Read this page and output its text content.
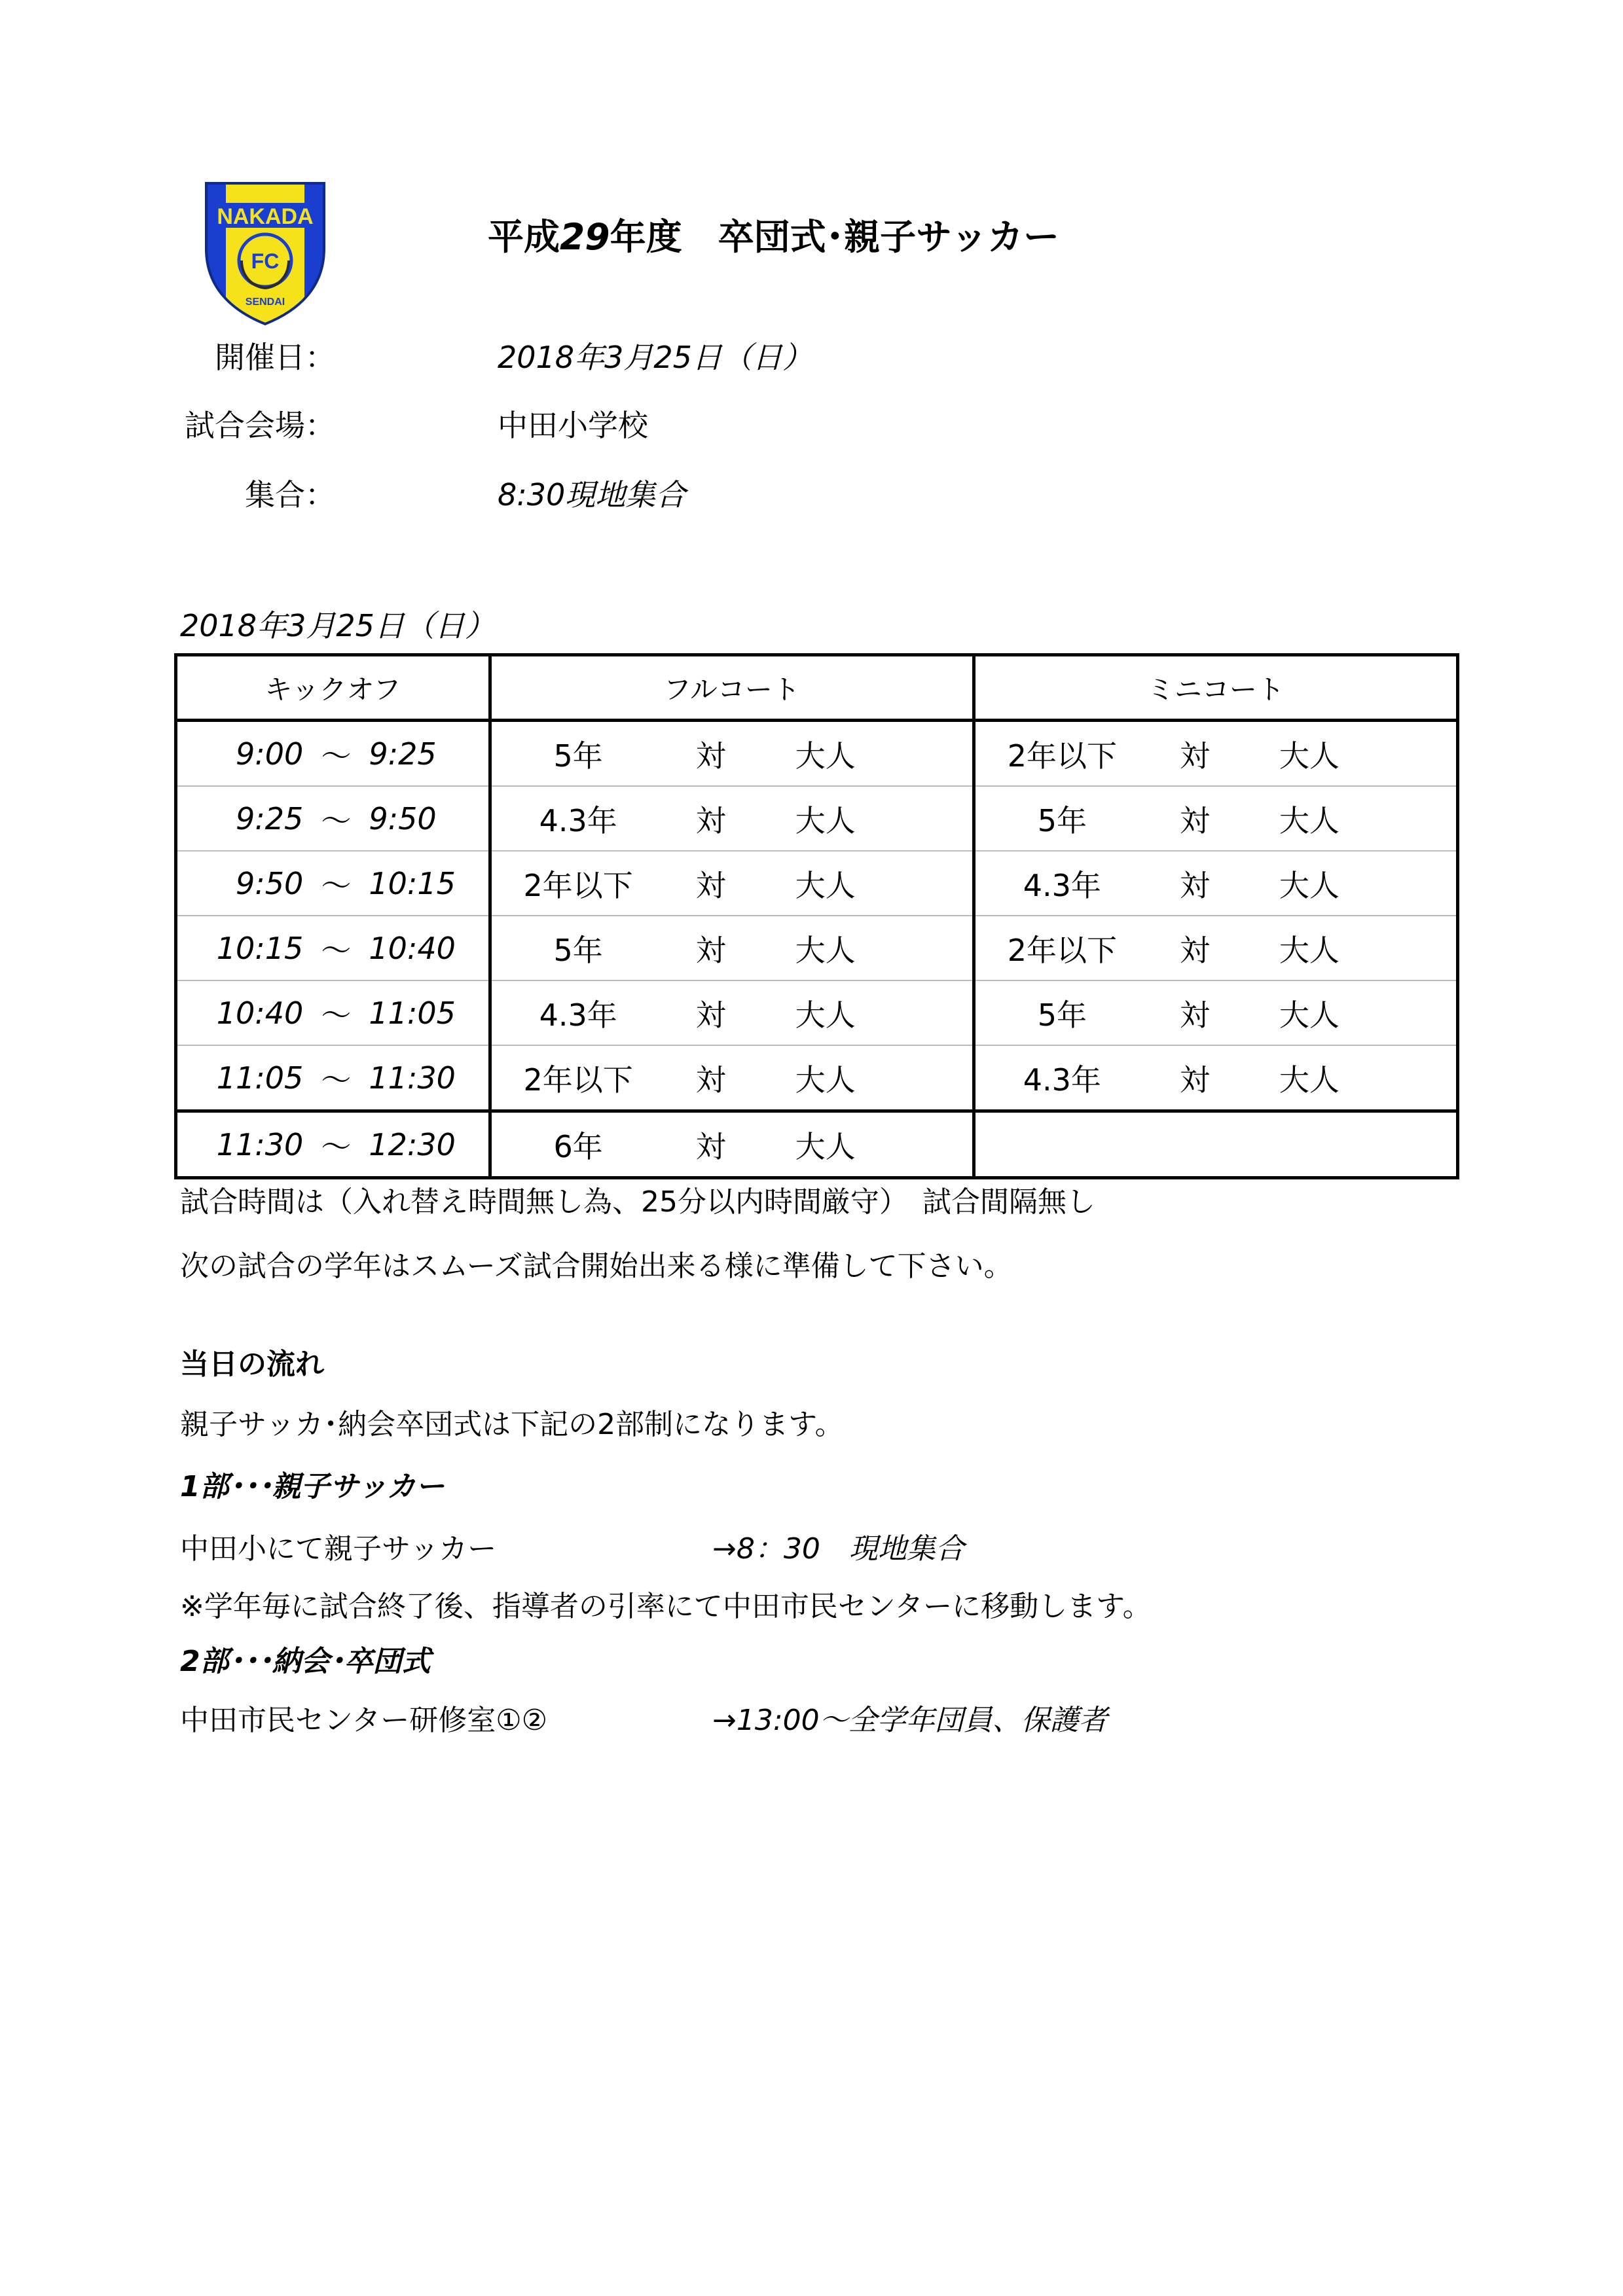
NAKADA
FC
SENDAI
平成29年度　卒団式･親子サッカー
開催日：	2018年3月25日（日）
試合会場：	中田小学校
集合：	8:30現地集合
2018年3月25日（日）
キックオフ	フルコート	ミニコート

9:00 ～ 9:25	5年 対 大人	2年以下 対 大人

9:25 ～ 9:50	4.3年 対 大人	5年 対 大人

9:50 ～ 10:15	2年以下 対 大人	4.3年 対 大人

10:15 ～ 10:40	5年 対 大人	2年以下 対 大人

10:40 ～ 11:05	4.3年 対 大人	5年 対 大人

11:05 ～ 11:30	2年以下 対 大人	4.3年 対 大人

11:30 ～ 12:30	6年 対 大人	

試合時間は（入れ替え時間無し為、25分以内時間厳守）　試合間隔無し
次の試合の学年はスムーズ試合開始出来る様に準備して下さい。
当日の流れ
親子サッカ･納会卒団式は下記の2部制になります。
1部･･･親子サッカー
中田小にて親子サッカー	→8：30　現地集合
※学年毎に試合終了後、指導者の引率にて中田市民センターに移動します。
2部･･･納会･卒団式
中田市民センター研修室①②	→13:00～全学年団員、保護者
